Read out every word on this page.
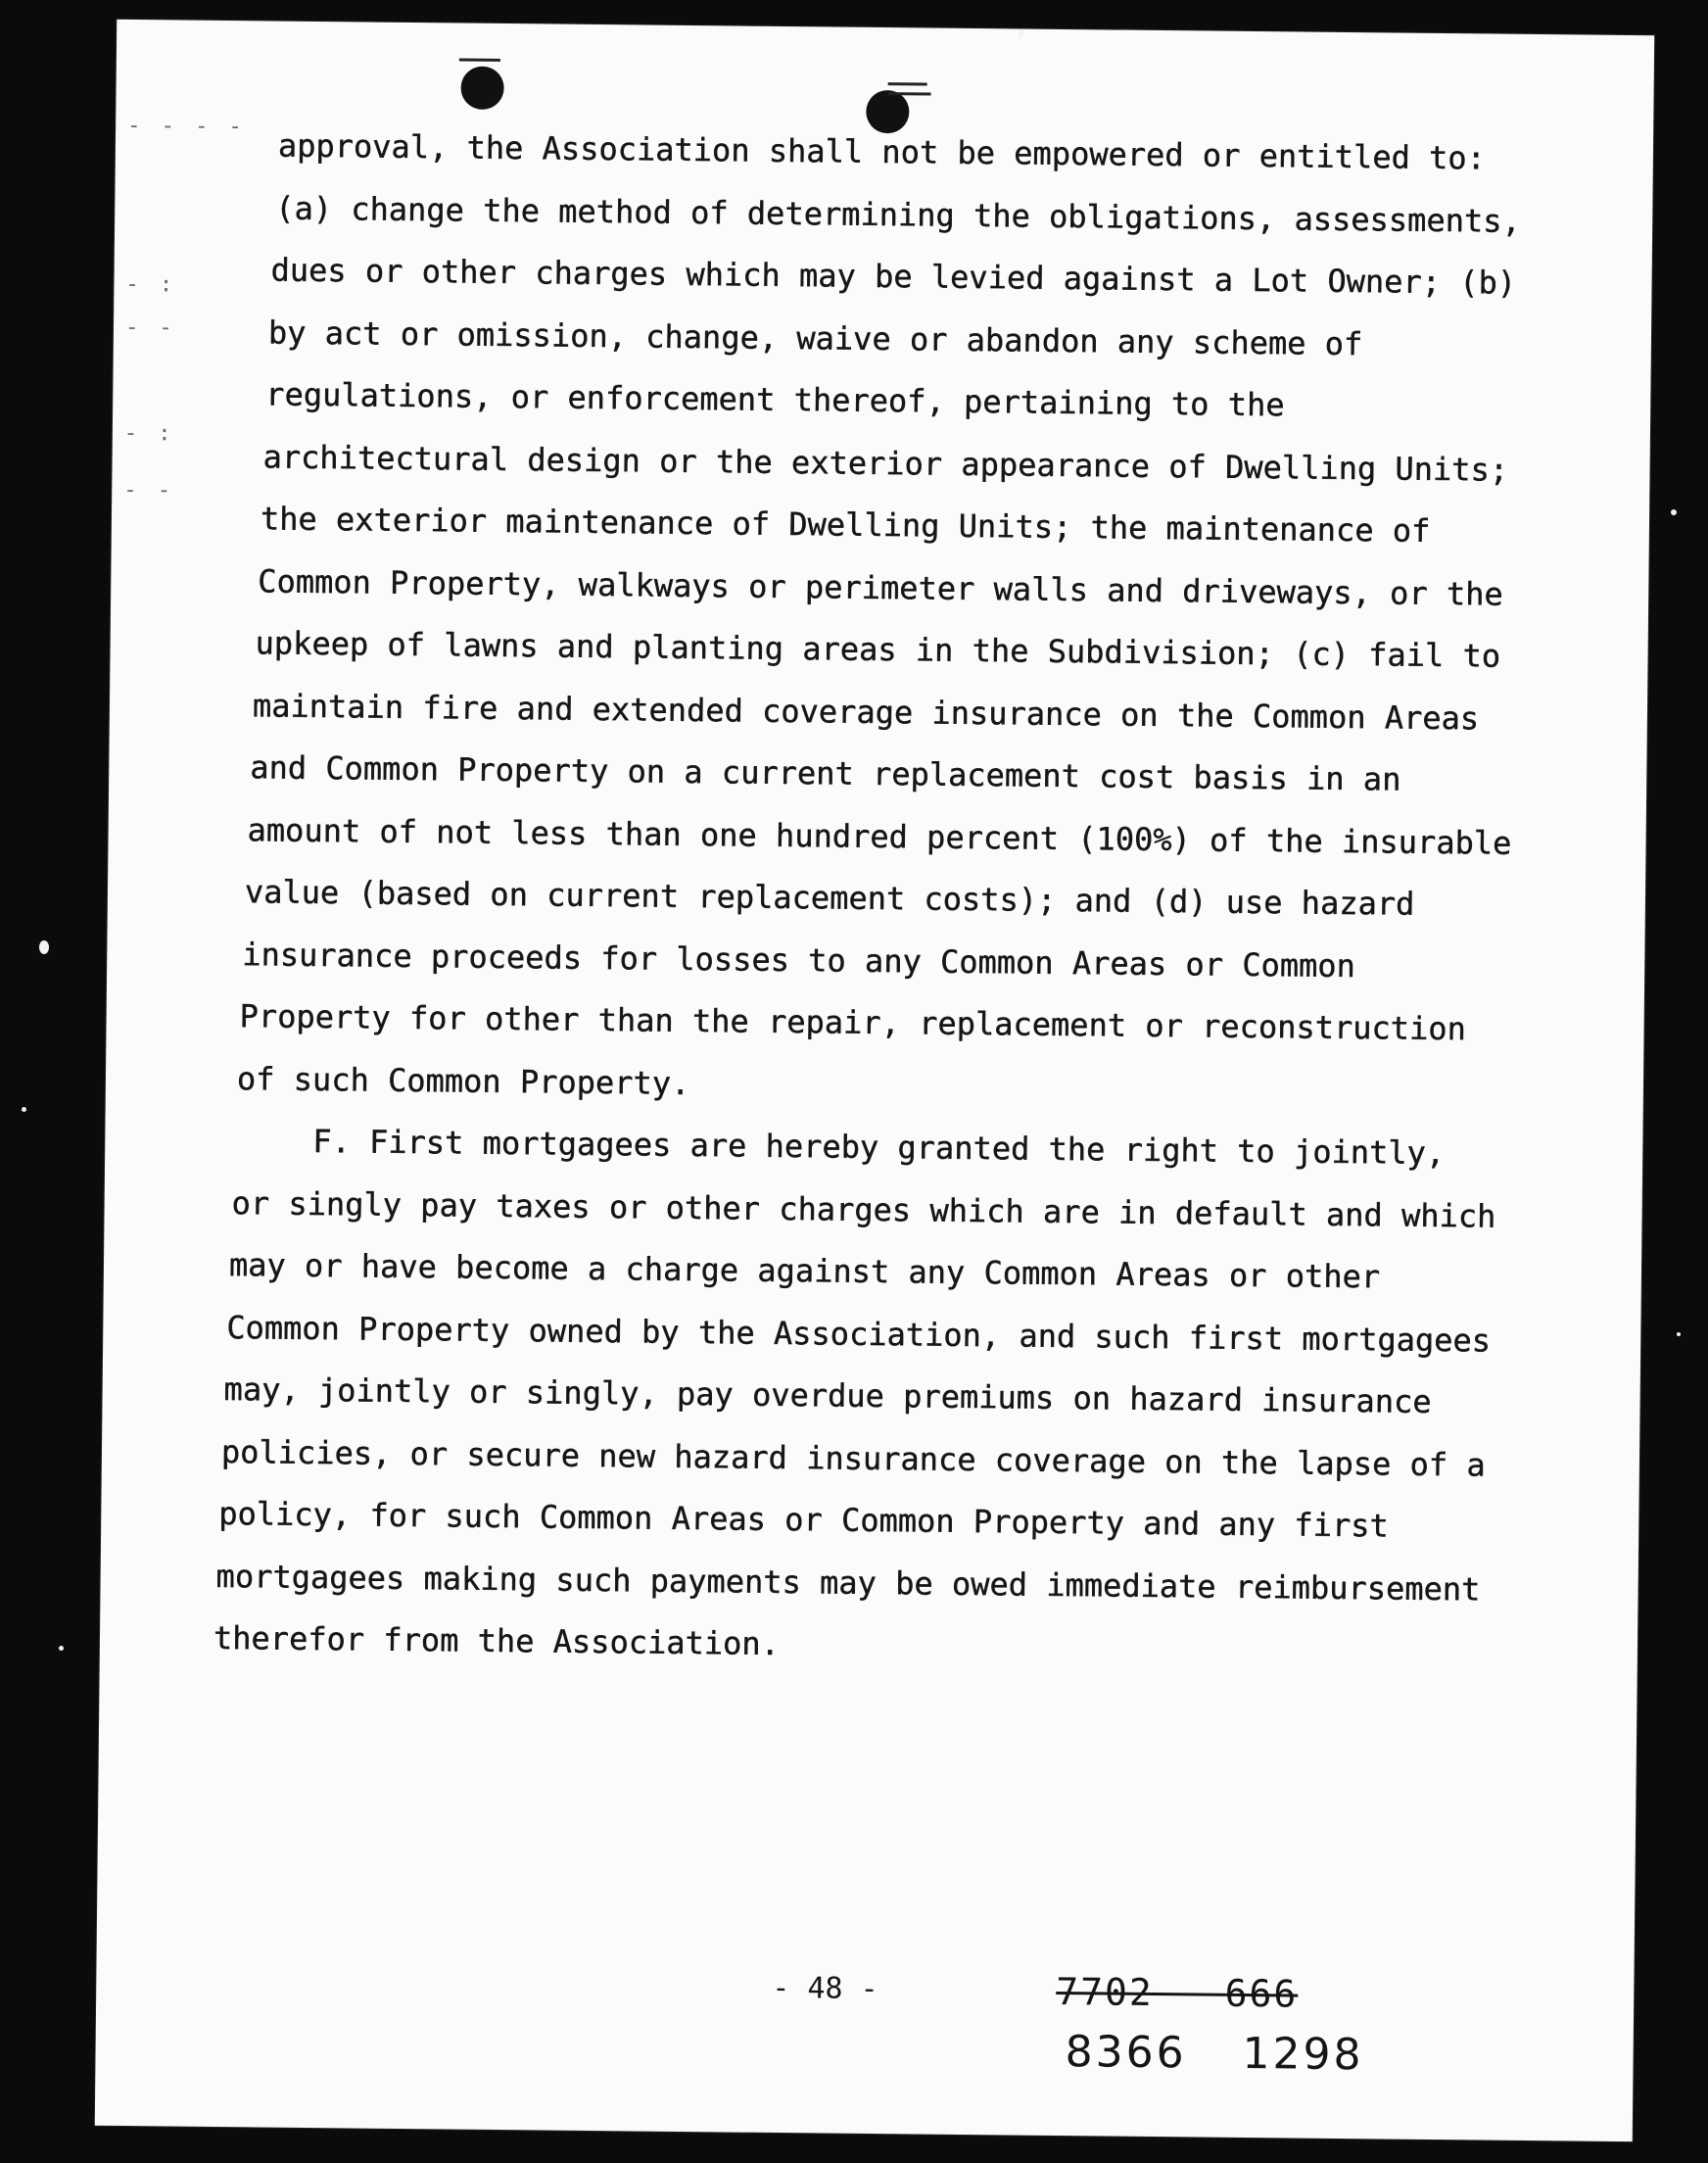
- - - -
- :
- -
- :
- -
approval, the Association shall not be empowered or entitled to:
(a) change the method of determining the obligations, assessments,
dues or other charges which may be levied against a Lot Owner; (b)
by act or omission, change, waive or abandon any scheme of
regulations, or enforcement thereof, pertaining to the
architectural design or the exterior appearance of Dwelling Units;
the exterior maintenance of Dwelling Units; the maintenance of
Common Property, walkways or perimeter walls and driveways, or the
upkeep of lawns and planting areas in the Subdivision; (c) fail to
maintain fire and extended coverage insurance on the Common Areas
and Common Property on a current replacement cost basis in an
amount of not less than one hundred percent (100%) of the insurable
value (based on current replacement costs); and (d) use hazard
insurance proceeds for losses to any Common Areas or Common
Property for other than the repair, replacement or reconstruction
of such Common Property.
F. First mortgagees are hereby granted the right to jointly,
or singly pay taxes or other charges which are in default and which
may or have become a charge against any Common Areas or other
Common Property owned by the Association, and such first mortgagees
may, jointly or singly, pay overdue premiums on hazard insurance
policies, or secure new hazard insurance coverage on the lapse of a
policy, for such Common Areas or Common Property and any first
mortgagees making such payments may be owed immediate reimbursement
therefor from the Association.
- 48 -	7702 666
8366 1298
